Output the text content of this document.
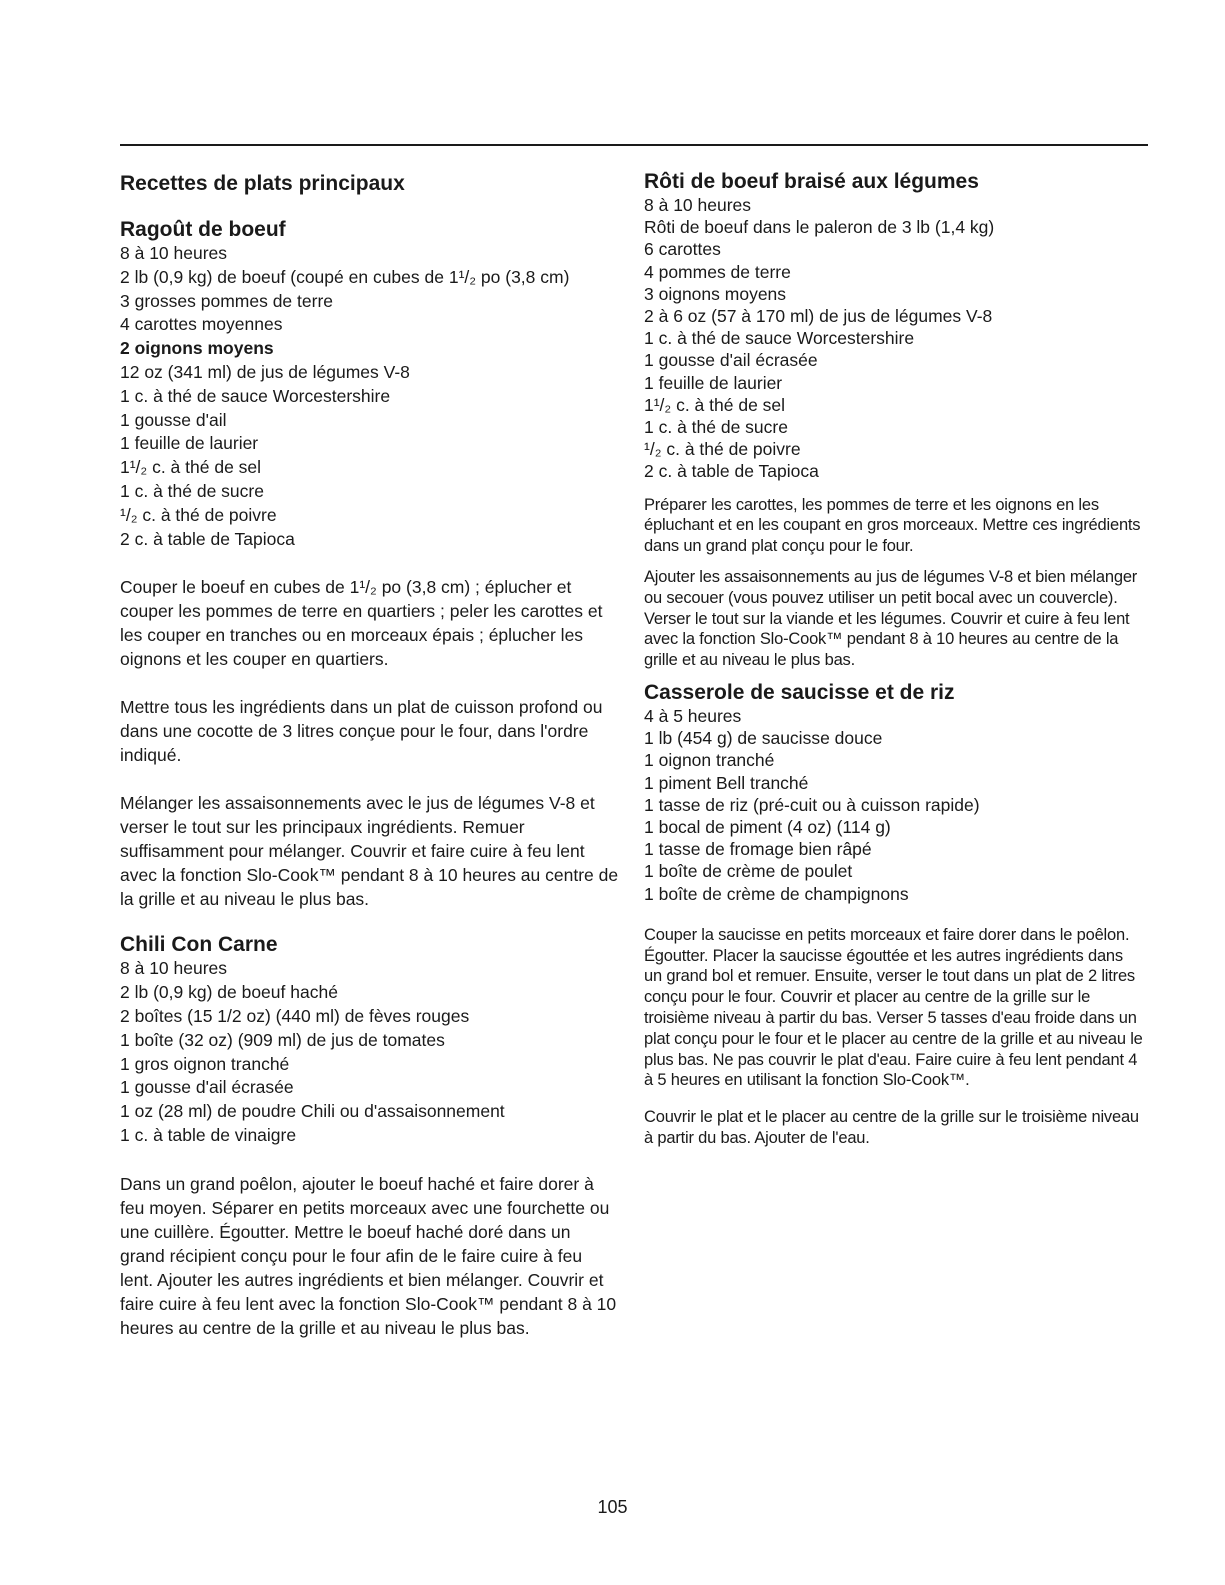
Recettes de plats principaux
Ragoût de boeuf

8 à 10 heures

2 lb (0,9 kg) de boeuf (coupé en cubes de 1¹/₂ po (3,8 cm)

3 grosses pommes de terre

4 carottes moyennes

2 oignons moyens

12 oz (341 ml) de jus de légumes V-8

1 c. à thé de sauce Worcestershire

1 gousse d'ail

1 feuille de laurier

1¹/₂ c. à thé de sel

1 c. à thé de sucre

¹/₂ c. à thé de poivre

2 c. à table de Tapioca

Couper le boeuf en cubes de 1¹/₂ po (3,8 cm) ; éplucher et couper les pommes de terre en quartiers ; peler les carottes et les couper en tranches ou en morceaux épais ; éplucher les oignons et les couper en quartiers.

Mettre tous les ingrédients dans un plat de cuisson profond ou dans une cocotte de 3 litres conçue pour le four, dans l'ordre indiqué.

Mélanger les assaisonnements avec le jus de légumes V-8 et verser le tout sur les principaux ingrédients. Remuer suffisamment pour mélanger. Couvrir et faire cuire à feu lent avec la fonction Slo-Cook™ pendant 8 à 10 heures au centre de la grille et au niveau le plus bas.

Chili Con Carne

8 à 10 heures

2 lb (0,9 kg) de boeuf haché

2 boîtes (15 1/2 oz) (440 ml) de fèves rouges

1 boîte (32 oz) (909 ml) de jus de tomates

1 gros oignon tranché

1 gousse d'ail écrasée

1 oz (28 ml) de poudre Chili ou d'assaisonnement

1 c. à table de vinaigre

Dans un grand poêlon, ajouter le boeuf haché et faire dorer à feu moyen. Séparer en petits morceaux avec une fourchette ou une cuillère. Égoutter. Mettre le boeuf haché doré dans un grand récipient conçu pour le four afin de le faire cuire à feu lent. Ajouter les autres ingrédients et bien mélanger. Couvrir et faire cuire à feu lent avec la fonction Slo-Cook™ pendant 8 à 10 heures au centre de la grille et au niveau le plus bas.

Rôti de boeuf braisé aux légumes

8 à 10 heures

Rôti de boeuf dans le paleron de 3 lb (1,4 kg)

6 carottes

4 pommes de terre

3 oignons moyens

2 à 6 oz (57 à 170 ml) de jus de légumes V-8

1 c. à thé de sauce Worcestershire

1 gousse d'ail écrasée

1 feuille de laurier

1¹/₂ c. à thé de sel

1 c. à thé de sucre

¹/₂ c. à thé de poivre

2 c. à table de Tapioca

Préparer les carottes, les pommes de terre et les oignons en les épluchant et en les coupant en gros morceaux. Mettre ces ingrédients dans un grand plat conçu pour le four.

Ajouter les assaisonnements au jus de légumes V-8 et bien mélanger ou secouer (vous pouvez utiliser un petit bocal avec un couvercle). Verser le tout sur la viande et les légumes. Couvrir et cuire à feu lent avec la fonction Slo-Cook™ pendant 8 à 10 heures au centre de la grille et au niveau le plus bas.

Casserole de saucisse et de riz

4 à 5 heures

1 lb (454 g) de saucisse douce

1 oignon tranché

1 piment Bell tranché

1 tasse de riz (pré-cuit ou à cuisson rapide)

1 bocal de piment (4 oz) (114 g)

1 tasse de fromage bien râpé

1 boîte de crème de poulet

1 boîte de crème de champignons

Couper la saucisse en petits morceaux et faire dorer dans le poêlon. Égoutter. Placer la saucisse égouttée et les autres ingrédients dans un grand bol et remuer. Ensuite, verser le tout dans un plat de 2 litres conçu pour le four. Couvrir et placer au centre de la grille sur le troisième niveau à partir du bas. Verser 5 tasses d'eau froide dans un plat conçu pour le four et le placer au centre de la grille et au niveau le plus bas. Ne pas couvrir le plat d'eau. Faire cuire à feu lent pendant 4 à 5 heures en utilisant la fonction Slo-Cook™.

Couvrir le plat et le placer au centre de la grille sur le troisième niveau à partir du bas. Ajouter de l'eau.

105
